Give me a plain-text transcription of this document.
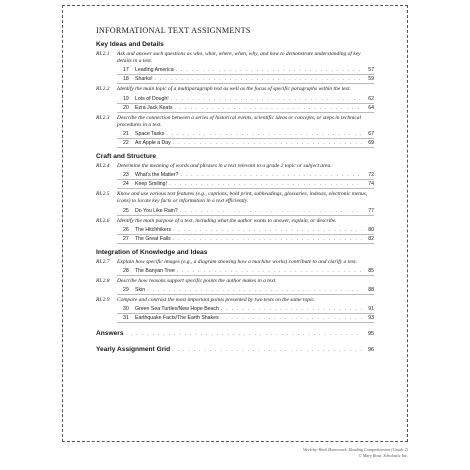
INFORMATIONAL TEXT ASSIGNMENTS
Key Ideas and Details
RI.2.1	Ask and answer such questions as who, what, where, when, why, and how to demonstrate understanding of key details in a text.
17	Leading America . . .	57
18	Sharks! . . .	59
RI.2.2	Identify the main topic of a multiparagraph text as well as the focus of specific paragraphs within the text.
19	Lots of Dough! . . .	62
20	Ezra Jack Keats . . .	64
RI.2.3	Describe the connection between a series of historical events, scientific ideas or concepts, or steps in technical procedures in a text.
21	Space Tasks . . .	67
22	An Apple a Day . . .	69
Craft and Structure
RI.2.4	Determine the meaning of words and phrases in a text relevant to a grade 2 topic or subject area.
23	What's the Matter? . . .	72
24	Keep Smiling! . . .	74
RI.2.5	Know and use various text features (e.g., captions, bold print, subheadings, glossaries, indexes, electronic menus, icons) to locate key facts or information in a text efficiently.
25	Do You Like Rain? . . .	77
RI.2.6	Identify the main purpose of a text, including what the author wants to answer, explain, or describe.
26	The Hitchhikers . . .	80
27	The Great Falls . . .	82
Integration of Knowledge and Ideas
RI.2.7	Explain how specific images (e.g., a diagram showing how a machine works) contribute to and clarify a text.
28	The Banyan Tree . . .	85
RI.2.8	Describe how reasons support specific points the author makes in a text.
29	Skin . . .	88
RI.2.9	Compare and contrast the most important points presented by two texts on the same topic.
30	Green Sea Turtles/New Hope Beach . . .	91
31	Earthquake Facts/The Earth Shakes . . .	93
Answers . . .	95
Yearly Assignment Grid . . .	96
Week-by-Week Homework: Reading Comprehension (Grade 2)
© Mary Rosa, Scholastic Inc.
